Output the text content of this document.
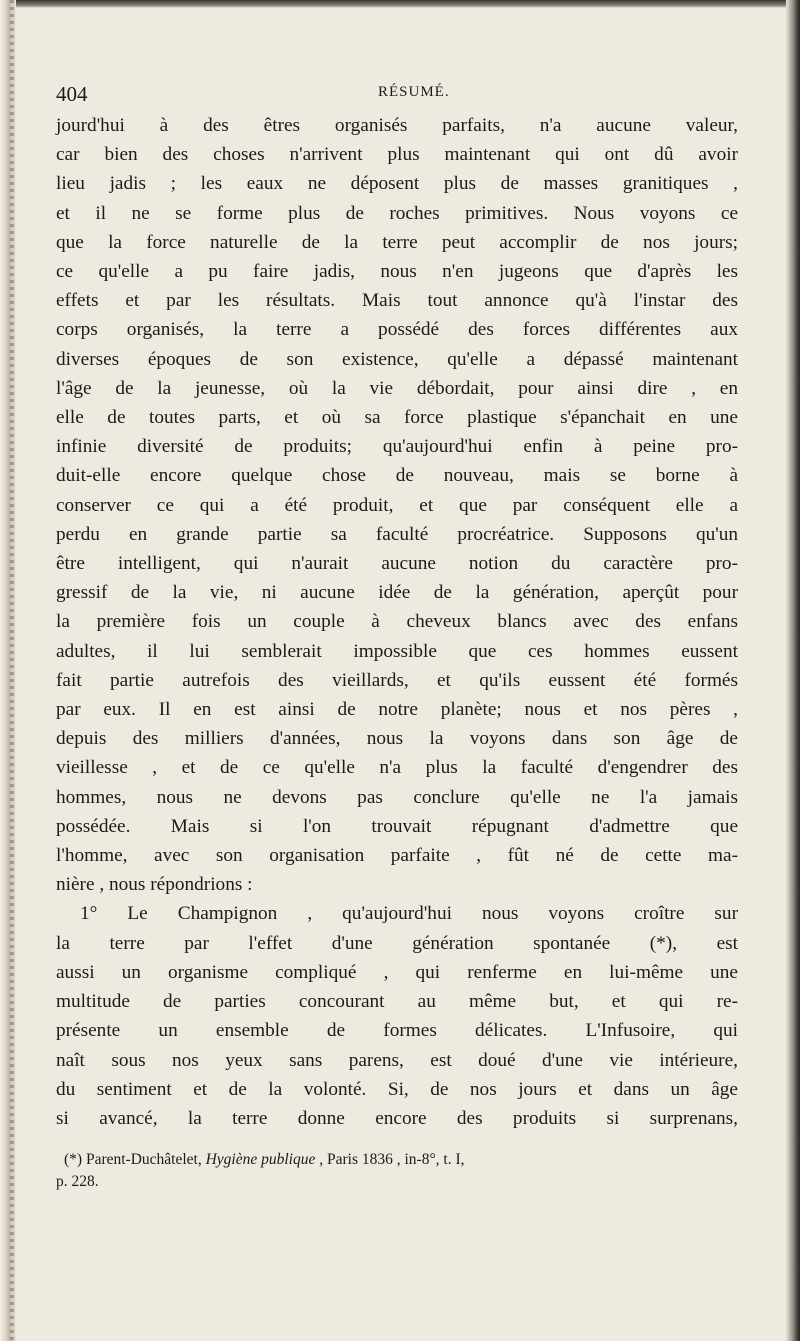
404	RÉSUMÉ.
jourd'hui à des êtres organisés parfaits, n'a aucune valeur,
car bien des choses n'arrivent plus maintenant qui ont dû avoir
lieu jadis ; les eaux ne déposent plus de masses granitiques ,
et il ne se forme plus de roches primitives. Nous voyons ce
que la force naturelle de la terre peut accomplir de nos jours;
ce qu'elle a pu faire jadis, nous n'en jugeons que d'après les
effets et par les résultats. Mais tout annonce qu'à l'instar des
corps organisés, la terre a possédé des forces différentes aux
diverses époques de son existence, qu'elle a dépassé maintenant
l'âge de la jeunesse, où la vie débordait, pour ainsi dire , en
elle de toutes parts, et où sa force plastique s'épanchait en une
infinie diversité de produits; qu'aujourd'hui enfin à peine pro-
duit-elle encore quelque chose de nouveau, mais se borne à
conserver ce qui a été produit, et que par conséquent elle a
perdu en grande partie sa faculté procréatrice. Supposons qu'un
être intelligent, qui n'aurait aucune notion du caractère pro-
gressif de la vie, ni aucune idée de la génération, aperçût pour
la première fois un couple à cheveux blancs avec des enfans
adultes, il lui semblerait impossible que ces hommes eussent
fait partie autrefois des vieillards, et qu'ils eussent été formés
par eux. Il en est ainsi de notre planète; nous et nos pères ,
depuis des milliers d'années, nous la voyons dans son âge de
vieillesse , et de ce qu'elle n'a plus la faculté d'engendrer des
hommes, nous ne devons pas conclure qu'elle ne l'a jamais
possédée. Mais si l'on trouvait répugnant d'admettre que
l'homme, avec son organisation parfaite , fût né de cette ma-
nière , nous répondrions :
1° Le Champignon , qu'aujourd'hui nous voyons croître sur
la terre par l'effet d'une génération spontanée (*), est
aussi un organisme compliqué , qui renferme en lui-même une
multitude de parties concourant au même but, et qui re-
présente un ensemble de formes délicates. L'Infusoire, qui
naît sous nos yeux sans parens, est doué d'une vie intérieure,
du sentiment et de la volonté. Si, de nos jours et dans un âge
si avancé, la terre donne encore des produits si surprenans,
(*) Parent-Duchâtelet, Hygiène publique , Paris 1836 , in-8°, t. I,
p. 228.
